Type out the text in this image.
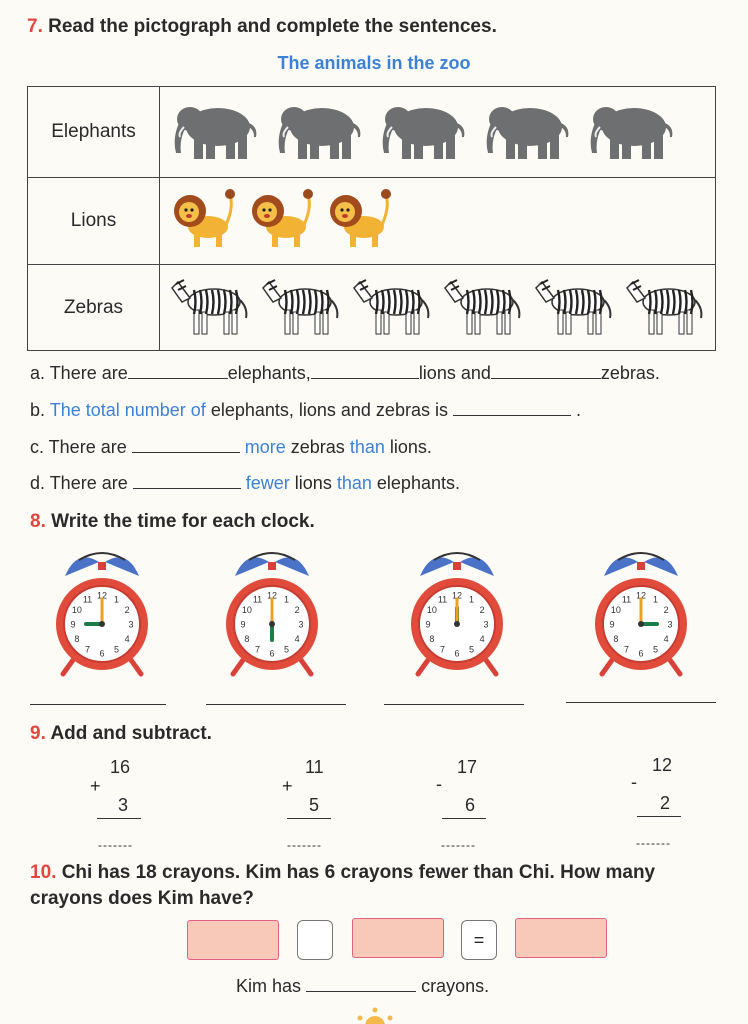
7. Read the pictograph and complete the sentences.
The animals in the zoo
Elephants	

Lions	

Zebras	
a. There are	elephants,	lions and	zebras.
b. The total number of elephants, lions and zebras is	.
c. There are	more zebras than lions.
d. There are	fewer lions than elephants.
8. Write the time for each clock.
12 1
2
3
4
5
6
7
8
9
10
11	12 1
2
3
4
5
6
7
8
9
10
11	12 1
2
3
4
5
6
7
8
9
10
11	12 1
2
3
4
5
6
7
8
9
10
11
9. Add and subtract.
16
+
3
-------
11
+
5
-------
17
-
6
-------
12
-
2
-------
10. Chi has 18 crayons. Kim has 6 crayons fewer than Chi. How many crayons does Kim have?
=
Kim has	crayons.
